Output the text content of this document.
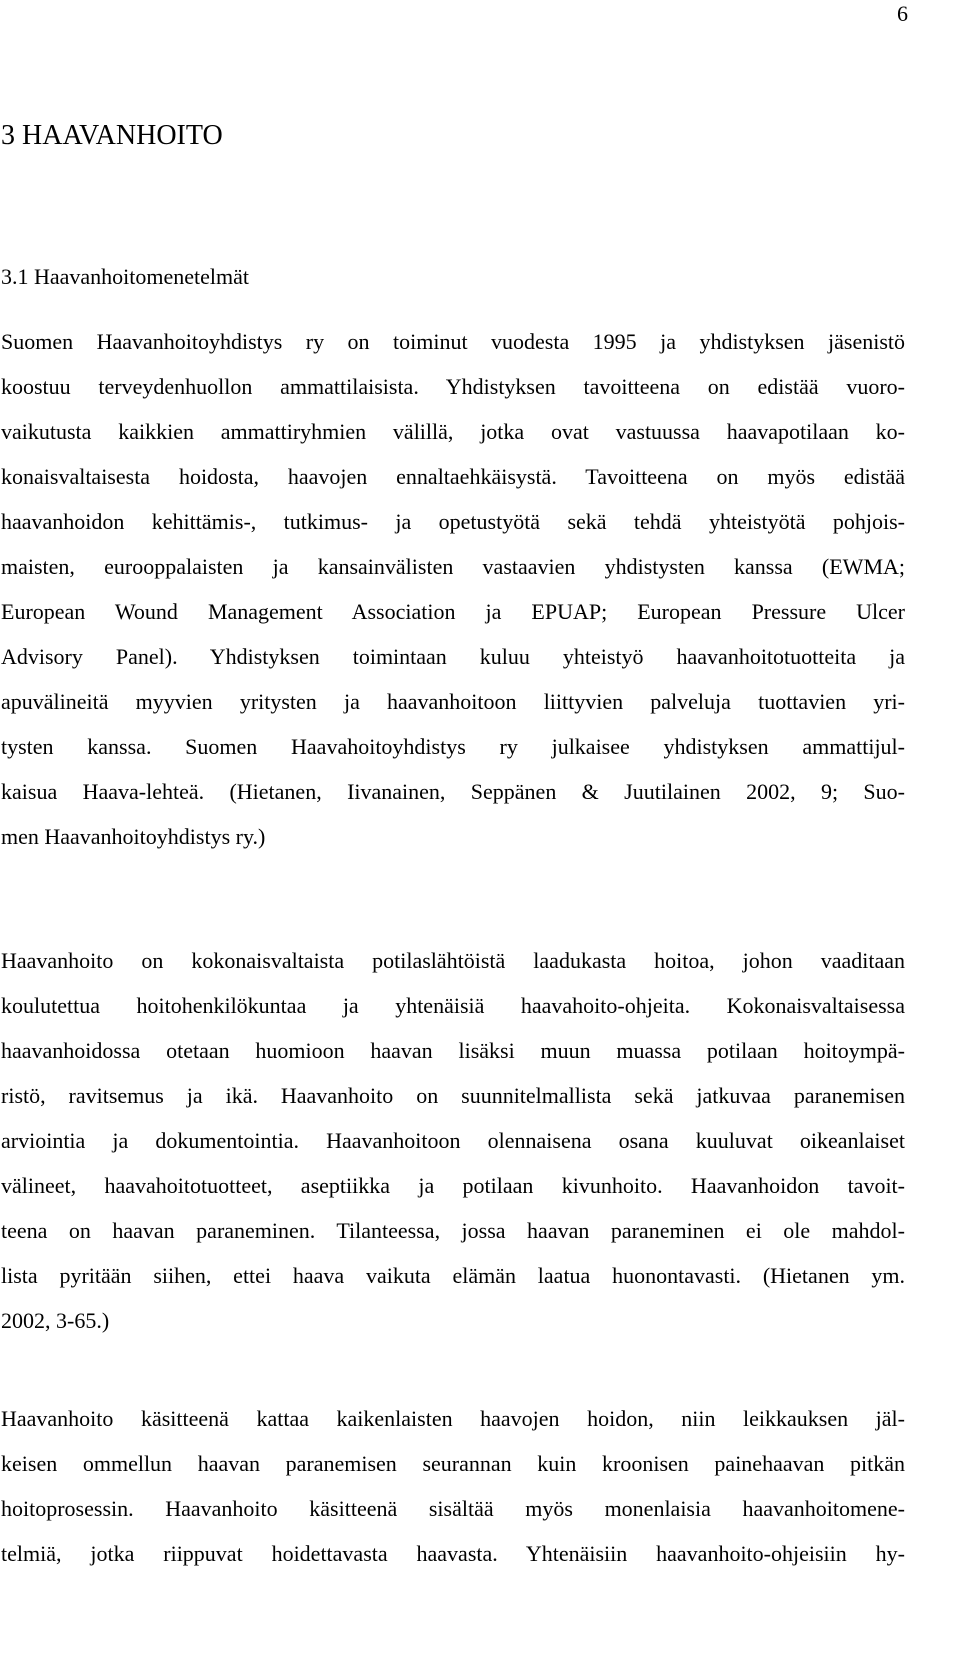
6
3 HAAVANHOITO
3.1 Haavanhoitomenetelmät
Suomen Haavanhoitoyhdistys ry on toiminut vuodesta 1995 ja yhdistyksen jäsenistö
koostuu terveydenhuollon ammattilaisista. Yhdistyksen tavoitteena on edistää vuoro-
vaikutusta kaikkien ammattiryhmien välillä, jotka ovat vastuussa haavapotilaan ko-
konaisvaltaisesta hoidosta, haavojen ennaltaehkäisystä. Tavoitteena on myös edistää
haavanhoidon kehittämis-, tutkimus- ja opetustyötä sekä tehdä yhteistyötä pohjois-
maisten, eurooppalaisten ja kansainvälisten vastaavien yhdistysten kanssa (EWMA;
European Wound Management Association ja EPUAP; European Pressure Ulcer
Advisory Panel). Yhdistyksen toimintaan kuluu yhteistyö haavanhoitotuotteita ja
apuvälineitä myyvien yritysten ja haavanhoitoon liittyvien palveluja tuottavien yri-
tysten kanssa. Suomen Haavahoitoyhdistys ry julkaisee yhdistyksen ammattijul-
kaisua Haava-lehteä. (Hietanen, Iivanainen, Seppänen & Juutilainen 2002, 9; Suo-
men Haavanhoitoyhdistys ry.)
Haavanhoito on kokonaisvaltaista potilaslähtöistä laadukasta hoitoa, johon vaaditaan
koulutettua hoitohenkilökuntaa ja yhtenäisiä haavahoito-ohjeita. Kokonaisvaltaisessa
haavanhoidossa otetaan huomioon haavan lisäksi muun muassa potilaan hoitoympä-
ristö, ravitsemus ja ikä. Haavanhoito on suunnitelmallista sekä jatkuvaa paranemisen
arviointia ja dokumentointia. Haavanhoitoon olennaisena osana kuuluvat oikeanlaiset
välineet, haavahoitotuotteet, aseptiikka ja potilaan kivunhoito. Haavanhoidon tavoit-
teena on haavan paraneminen. Tilanteessa, jossa haavan paraneminen ei ole mahdol-
lista pyritään siihen, ettei haava vaikuta elämän laatua huonontavasti. (Hietanen ym.
2002, 3-65.)
Haavanhoito käsitteenä kattaa kaikenlaisten haavojen hoidon, niin leikkauksen jäl-
keisen ommellun haavan paranemisen seurannan kuin kroonisen painehaavan pitkän
hoitoprosessin. Haavanhoito käsitteenä sisältää myös monenlaisia haavanhoitomene-
telmiä, jotka riippuvat hoidettavasta haavasta. Yhtenäisiin haavanhoito-ohjeisiin hy-
